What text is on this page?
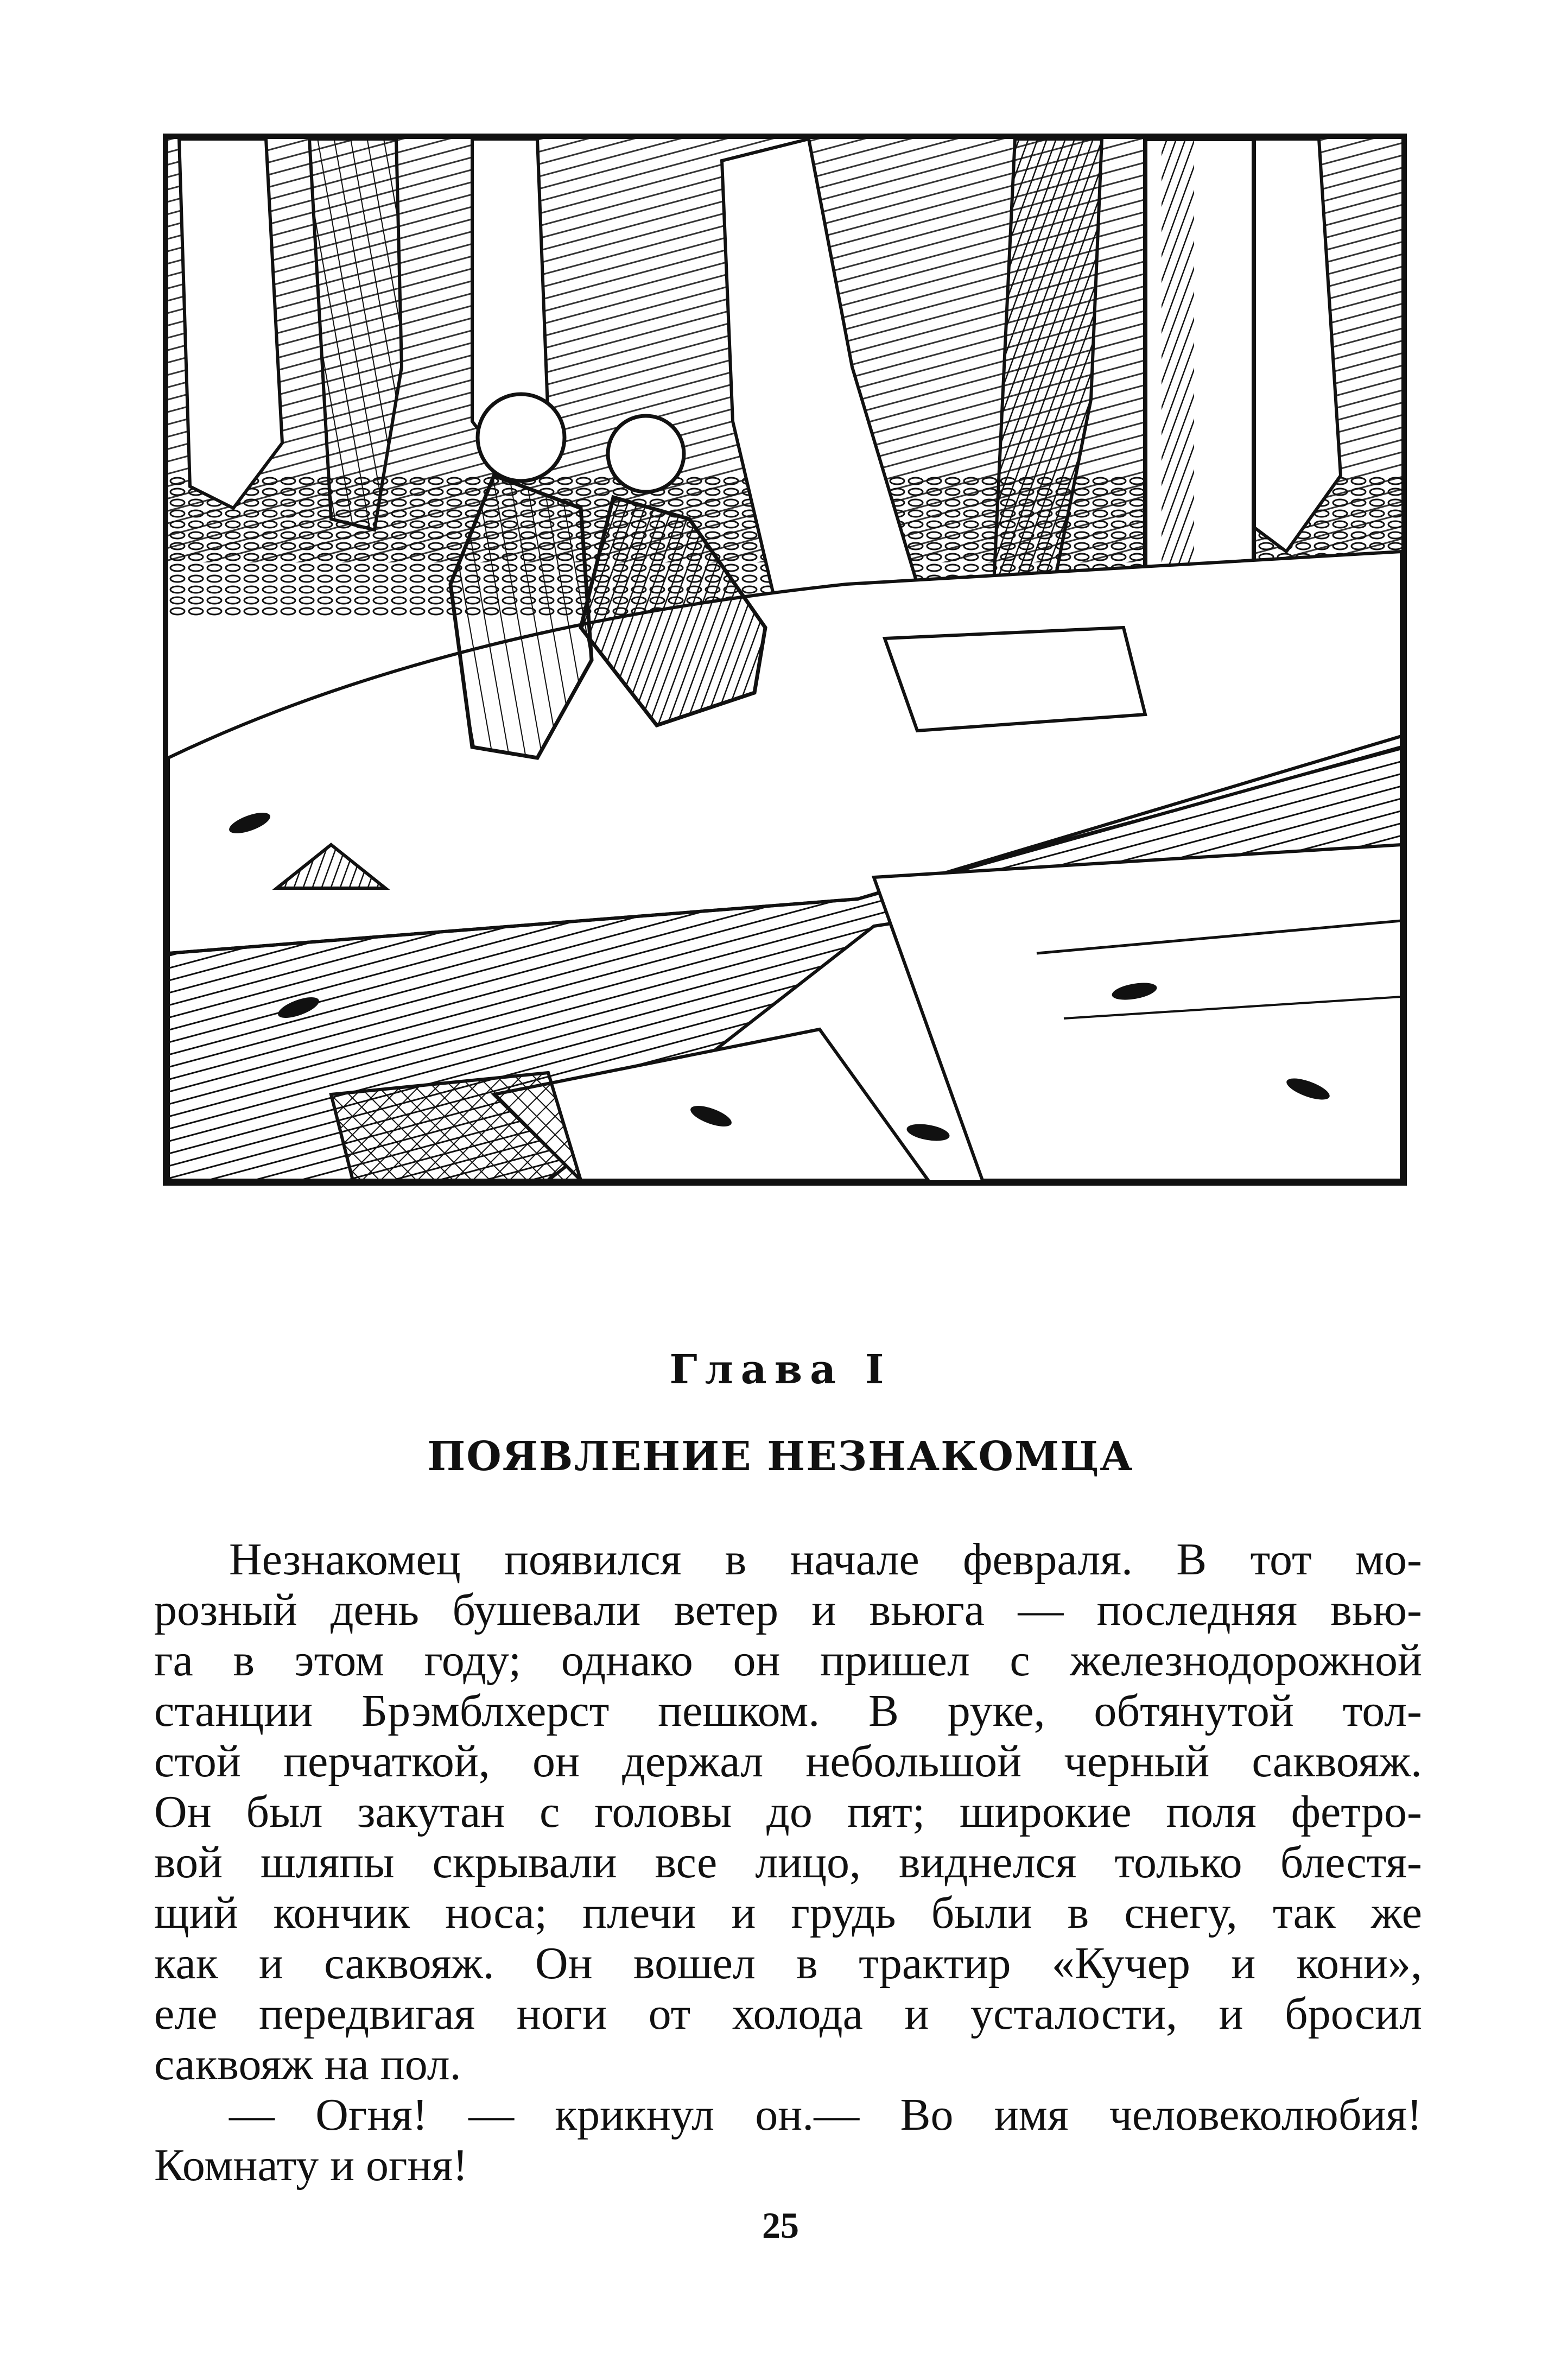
Глава I
ПОЯВЛЕНИЕ НЕЗНАКОМЦА
Незнакомец появился в начале февраля. В тот мо-
розный день бушевали ветер и вьюга — последняя вью-
га в этом году; однако он пришел с железнодорожной
станции Брэмблхерст пешком. В руке, обтянутой тол-
стой перчаткой, он держал небольшой черный саквояж.
Он был закутан с головы до пят; широкие поля фетро-
вой шляпы скрывали все лицо, виднелся только блестя-
щий кончик носа; плечи и грудь были в снегу, так же
как и саквояж. Он вошел в трактир «Кучер и кони»,
еле передвигая ноги от холода и усталости, и бросил
саквояж на пол.
— Огня! — крикнул он.— Во имя человеколюбия!
Комнату и огня!
25
